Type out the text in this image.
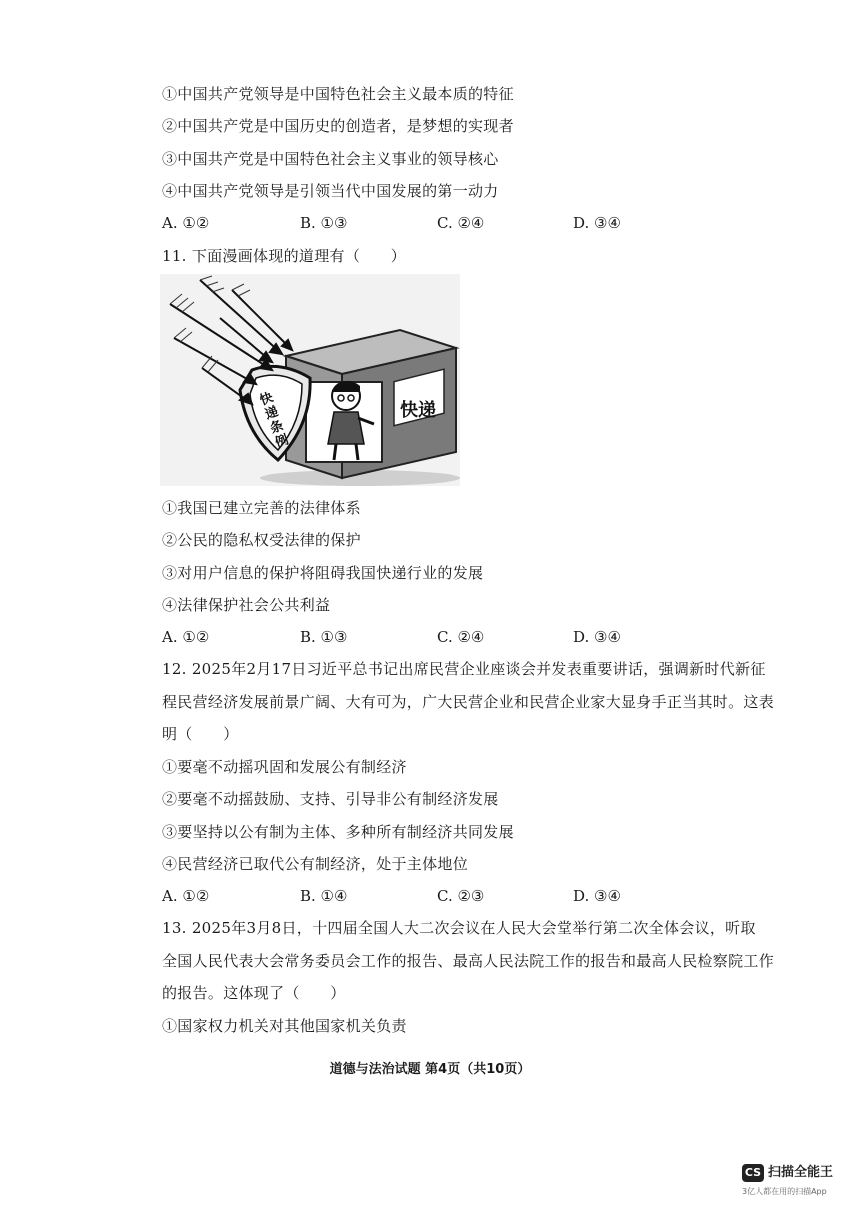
①中国共产党领导是中国特色社会主义最本质的特征
②中国共产党是中国历史的创造者，是梦想的实现者
③中国共产党是中国特色社会主义事业的领导核心
④中国共产党领导是引领当代中国发展的第一动力
A. ①②	B. ①③	C. ②④	D. ③④
11. 下面漫画体现的道理有（　　）
快递
快递条例
①我国已建立完善的法律体系
②公民的隐私权受法律的保护
③对用户信息的保护将阻碍我国快递行业的发展
④法律保护社会公共利益
A. ①②	B. ①③	C. ②④	D. ③④
12. 2025年2月17日习近平总书记出席民营企业座谈会并发表重要讲话，强调新时代新征
程民营经济发展前景广阔、大有可为，广大民营企业和民营企业家大显身手正当其时。这表
明（　　）
①要毫不动摇巩固和发展公有制经济
②要毫不动摇鼓励、支持、引导非公有制经济发展
③要坚持以公有制为主体、多种所有制经济共同发展
④民营经济已取代公有制经济，处于主体地位
A. ①②	B. ①④	C. ②③	D. ③④
13. 2025年3月8日，十四届全国人大二次会议在人民大会堂举行第二次全体会议，听取
全国人民代表大会常务委员会工作的报告、最高人民法院工作的报告和最高人民检察院工作
的报告。这体现了（　　）
①国家权力机关对其他国家机关负责
道德与法治试题 第4页（共10页）
CS 扫描全能王
3亿人都在用的扫描App
